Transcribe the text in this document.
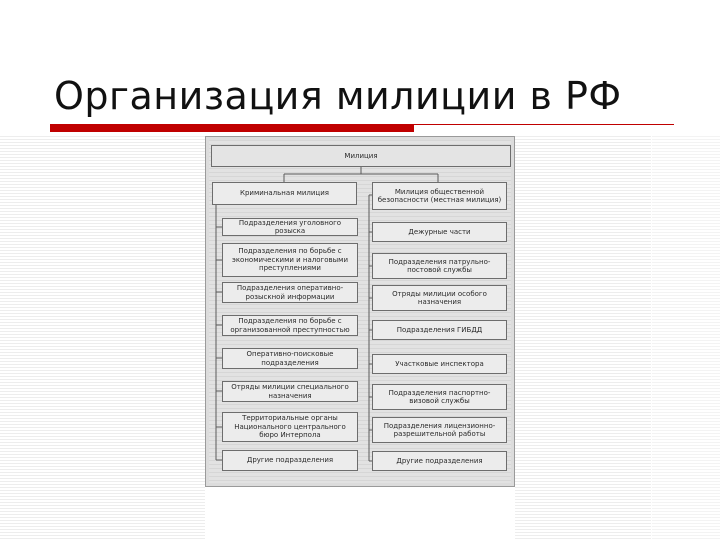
Организация милиции в РФ
Милиция
Криминальная милиция	Милиция общественной безопасности (местная милиция)
Подразделения уголовного розыска
Подразделения по борьбе с экономическими и налоговыми преступлениями
Подразделения оперативно-розыскной информации
Подразделения по борьбе с организованной преступностью
Оперативно-поисковые подразделения
Отряды милиции специального назначения
Территориальные органы Национального центрального бюро Интерпола
Другие подразделения
Дежурные части
Подразделения патрульно-постовой службы
Отряды милиции особого назначения
Подразделения ГИБДД
Участковые инспектора
Подразделения паспортно-визовой службы
Подразделения лицензионно-разрешительной работы
Другие подразделения
